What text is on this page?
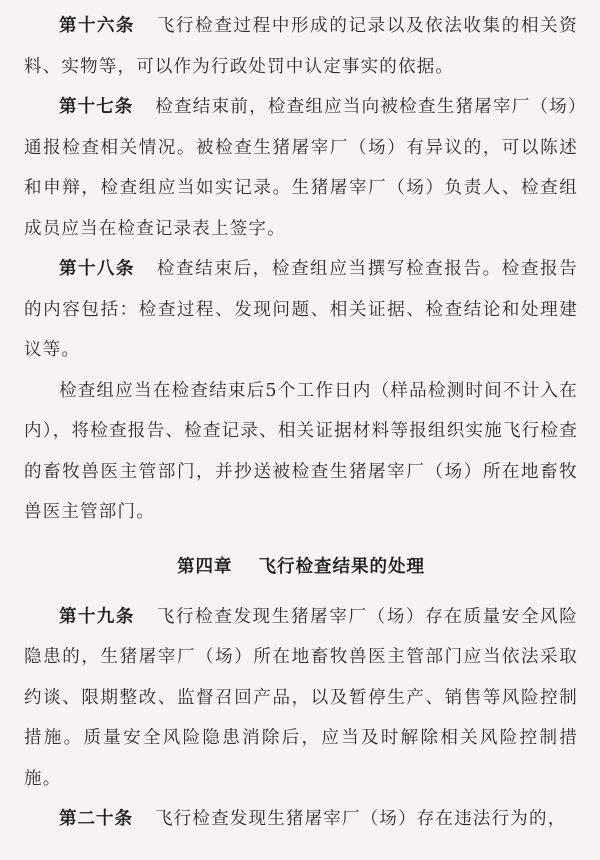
第十六条 飞行检查过程中形成的记录以及依法收集的相关资料、实物等，可以作为行政处罚中认定事实的依据。

第十七条 检查结束前，检查组应当向被检查生猪屠宰厂（场）通报检查相关情况。被检查生猪屠宰厂（场）有异议的，可以陈述和申辩，检查组应当如实记录。生猪屠宰厂（场）负责人、检查组成员应当在检查记录表上签字。

第十八条 检查结束后，检查组应当撰写检查报告。检查报告的内容包括：检查过程、发现问题、相关证据、检查结论和处理建议等。

检查组应当在检查结束后5个工作日内（样品检测时间不计入在内），将检查报告、检查记录、相关证据材料等报组织实施飞行检查的畜牧兽医主管部门，并抄送被检查生猪屠宰厂（场）所在地畜牧兽医主管部门。

第四章 飞行检查结果的处理

第十九条 飞行检查发现生猪屠宰厂（场）存在质量安全风险隐患的，生猪屠宰厂（场）所在地畜牧兽医主管部门应当依法采取约谈、限期整改、监督召回产品，以及暂停生产、销售等风险控制措施。质量安全风险隐患消除后，应当及时解除相关风险控制措施。

第二十条 飞行检查发现生猪屠宰厂（场）存在违法行为的，
